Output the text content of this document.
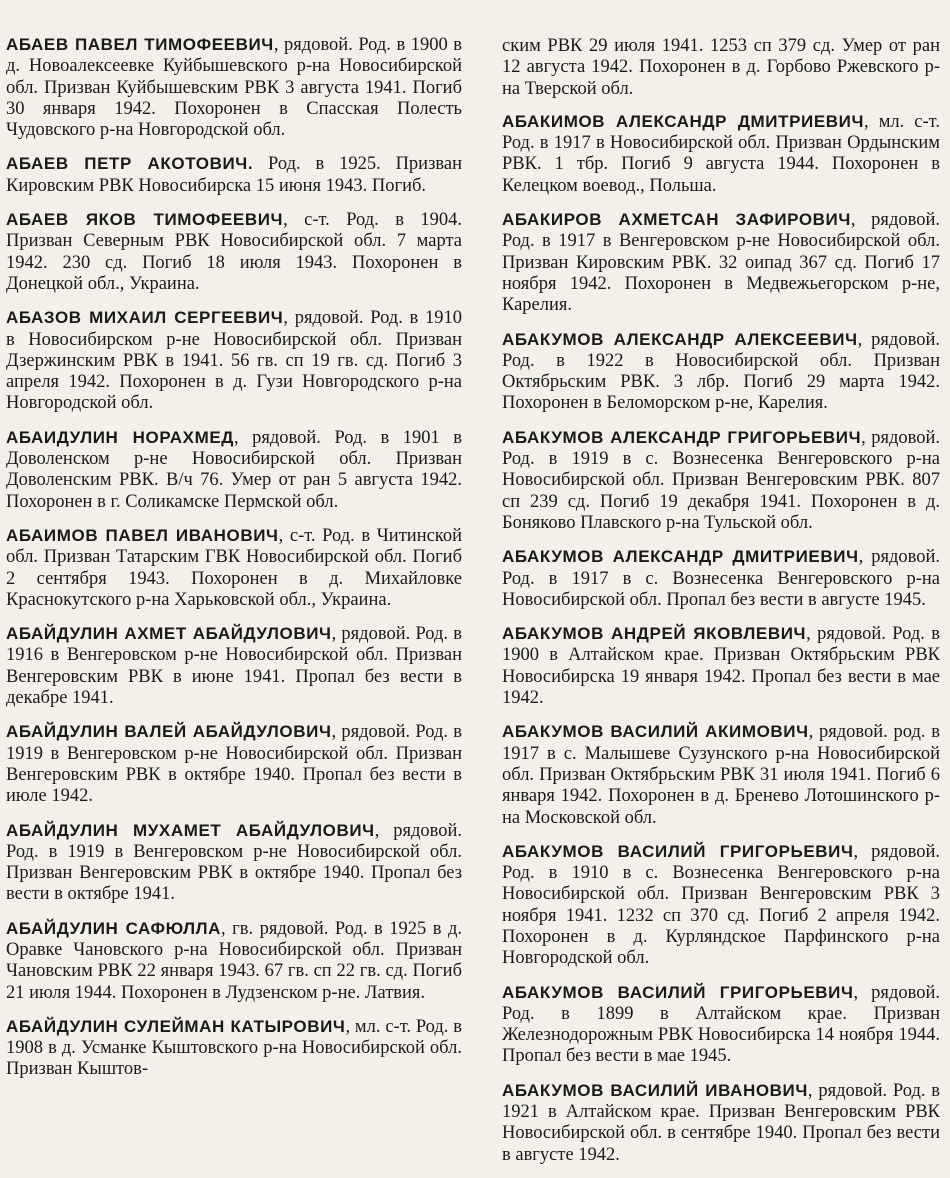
АБАЕВ ПАВЕЛ ТИМОФЕЕВИЧ, рядовой. Род. в 1900 в д. Новоалексеевке Куйбышевского р-на Новосибирской обл. Призван Куйбышевским РВК 3 августа 1941. Погиб 30 января 1942. Похоронен в Спасская Полесть Чудовского р-на Новгородской обл.

АБАЕВ ПЕТР АКОТОВИЧ. Род. в 1925. Призван Кировским РВК Новосибирска 15 июня 1943. Погиб.

АБАЕВ ЯКОВ ТИМОФЕЕВИЧ, с-т. Род. в 1904. Призван Северным РВК Новосибирской обл. 7 марта 1942. 230 сд. Погиб 18 июля 1943. Похоронен в Донецкой обл., Украина.

АБАЗОВ МИХАИЛ СЕРГЕЕВИЧ, рядовой. Род. в 1910 в Новосибирском р-не Новосибирской обл. Призван Дзержинским РВК в 1941. 56 гв. сп 19 гв. сд. Погиб 3 апреля 1942. Похоронен в д. Гузи Новгородского р-на Новгородской обл.

АБАИДУЛИН НОРАХМЕД, рядовой. Род. в 1901 в Доволенском р-не Новосибирской обл. Призван Доволенским РВК. В/ч 76. Умер от ран 5 августа 1942. Похоронен в г. Соликамске Пермской обл.

АБАИМОВ ПАВЕЛ ИВАНОВИЧ, с-т. Род. в Читинской обл. Призван Татарским ГВК Новосибирской обл. Погиб 2 сентября 1943. Похоронен в д. Михайловке Краснокутского р-на Харьковской обл., Украина.

АБАЙДУЛИН АХМЕТ АБАЙДУЛОВИЧ, рядовой. Род. в 1916 в Венгеровском р-не Новосибирской обл. Призван Венгеровским РВК в июне 1941. Пропал без вести в декабре 1941.

АБАЙДУЛИН ВАЛЕЙ АБАЙДУЛОВИЧ, рядовой. Род. в 1919 в Венгеровском р-не Новосибирской обл. Призван Венгеровским РВК в октябре 1940. Пропал без вести в июле 1942.

АБАЙДУЛИН МУХАМЕТ АБАЙДУЛОВИЧ, рядовой. Род. в 1919 в Венгеровском р-не Новосибирской обл. Призван Венгеровским РВК в октябре 1940. Пропал без вести в октябре 1941.

АБАЙДУЛИН САФЮЛЛА, гв. рядовой. Род. в 1925 в д. Оравке Чановского р-на Новосибирской обл. Призван Чановским РВК 22 января 1943. 67 гв. сп 22 гв. сд. Погиб 21 июля 1944. Похоронен в Лудзенском р-не. Латвия.

АБАЙДУЛИН СУЛЕЙМАН КАТЫРОВИЧ, мл. с-т. Род. в 1908 в д. Усманке Кыштовского р-на Новосибирской обл. Призван Кыштов-

ским РВК 29 июля 1941. 1253 сп 379 сд. Умер от ран 12 августа 1942. Похоронен в д. Горбово Ржевского р-на Тверской обл.

АБАКИМОВ АЛЕКСАНДР ДМИТРИЕВИЧ, мл. с-т. Род. в 1917 в Новосибирской обл. Призван Ордынским РВК. 1 тбр. Погиб 9 августа 1944. Похоронен в Келецком воевод., Польша.

АБАКИРОВ АХМЕТСАН ЗАФИРОВИЧ, рядовой. Род. в 1917 в Венгеровском р-не Новосибирской обл. Призван Кировским РВК. 32 оипад 367 сд. Погиб 17 ноября 1942. Похоронен в Медвежьегорском р-не, Карелия.

АБАКУМОВ АЛЕКСАНДР АЛЕКСЕЕВИЧ, рядовой. Род. в 1922 в Новосибирской обл. Призван Октябрьским РВК. 3 лбр. Погиб 29 марта 1942. Похоронен в Беломорском р-не, Карелия.

АБАКУМОВ АЛЕКСАНДР ГРИГОРЬЕВИЧ, рядовой. Род. в 1919 в с. Вознесенка Венгеровского р-на Новосибирской обл. Призван Венгеровским РВК. 807 сп 239 сд. Погиб 19 декабря 1941. Похоронен в д. Боняково Плавского р-на Тульской обл.

АБАКУМОВ АЛЕКСАНДР ДМИТРИЕВИЧ, рядовой. Род. в 1917 в с. Вознесенка Венгеровского р-на Новосибирской обл. Пропал без вести в августе 1945.

АБАКУМОВ АНДРЕЙ ЯКОВЛЕВИЧ, рядовой. Род. в 1900 в Алтайском крае. Призван Октябрьским РВК Новосибирска 19 января 1942. Пропал без вести в мае 1942.

АБАКУМОВ ВАСИЛИЙ АКИМОВИЧ, рядовой. род. в 1917 в с. Малышеве Сузунского р-на Новосибирской обл. Призван Октябрьским РВК 31 июля 1941. Погиб 6 января 1942. Похоронен в д. Бренево Лотошинского р-на Московской обл.

АБАКУМОВ ВАСИЛИЙ ГРИГОРЬЕВИЧ, рядовой. Род. в 1910 в с. Вознесенка Венгеровского р-на Новосибирской обл. Призван Венгеровским РВК 3 ноября 1941. 1232 сп 370 сд. Погиб 2 апреля 1942. Похоронен в д. Курляндское Парфинского р-на Новгородской обл.

АБАКУМОВ ВАСИЛИЙ ГРИГОРЬЕВИЧ, рядовой. Род. в 1899 в Алтайском крае. Призван Железнодорожным РВК Новосибирска 14 ноября 1944. Пропал без вести в мае 1945.

АБАКУМОВ ВАСИЛИЙ ИВАНОВИЧ, рядовой. Род. в 1921 в Алтайском крае. Призван Венгеровским РВК Новосибирской обл. в сентябре 1940. Пропал без вести в августе 1942.
